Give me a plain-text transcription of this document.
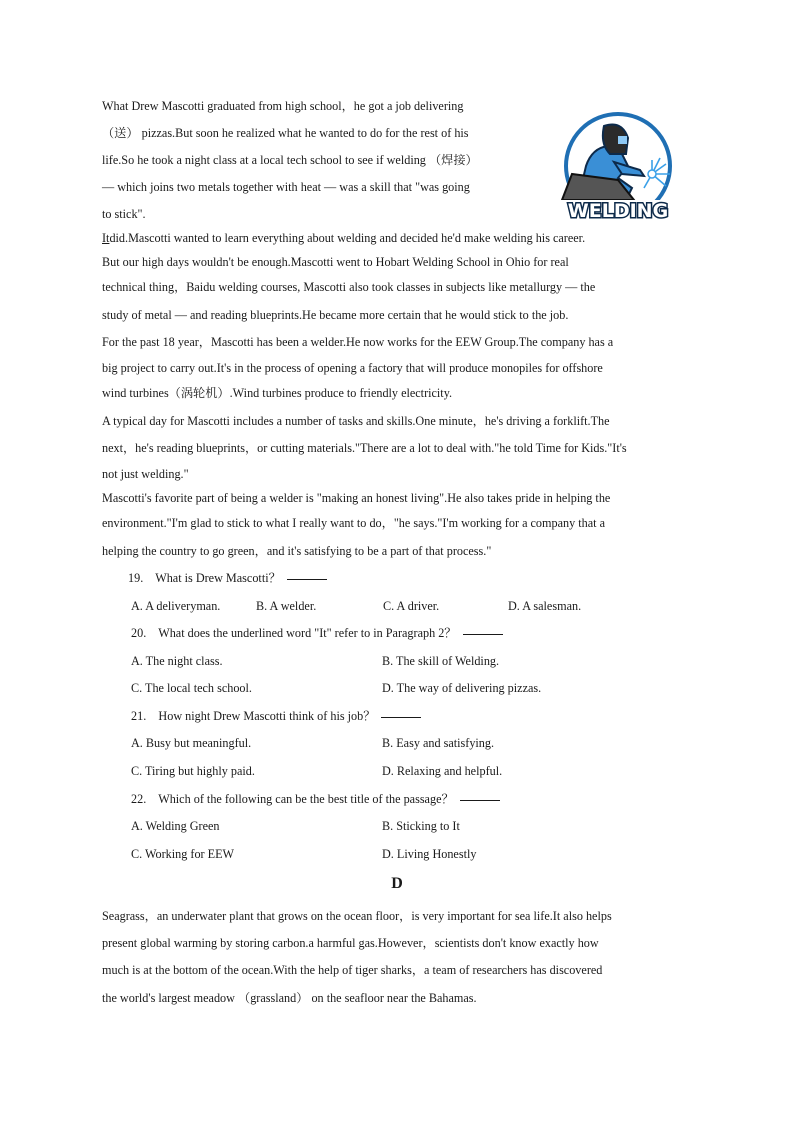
What Drew Mascotti graduated from high school，he got a job delivering
（送） pizzas.But soon he realized what he wanted to do for the rest of his
life.So he took a night class at a local tech school to see if welding （焊接）
— which joins two metals together with heat — was a skill that "was going
to stick".	WELDING
Itdid.Mascotti wanted to learn everything about welding and decided he'd make welding his career.
But our high days wouldn't be enough.Mascotti went to Hobart Welding School in Ohio for real
technical thing，Baidu welding courses, Mascotti also took classes in subjects like metallurgy — the
study of metal — and reading blueprints.He became more certain that he would stick to the job.
For the past 18 year，Mascotti has been a welder.He now works for the EEW Group.The company has a
big project to carry out.It's in the process of opening a factory that will produce monopiles for offshore
wind turbines（涡轮机）.Wind turbines produce to friendly electricity.
A typical day for Mascotti includes a number of tasks and skills.One minute，he's driving a forklift.The
next，he's reading blueprints，or cutting materials."There are a lot to deal with."he told Time for Kids."It's
not just welding."
Mascotti's favorite part of being a welder is "making an honest living".He also takes pride in helping the
environment."I'm glad to stick to what I really want to do，"he says."I'm working for a company that a
helping the country to go green，and it's satisfying to be a part of that process."
19. What is Drew Mascotti？
A. A deliveryman.	B. A welder.	C. A driver.	D. A salesman.
20. What does the underlined word "It" refer to in Paragraph 2？
A. The night class.	B. The skill of Welding.
C. The local tech school.	D. The way of delivering pizzas.
21. How night Drew Mascotti think of his job？
A. Busy but meaningful.	B. Easy and satisfying.
C. Tiring but highly paid.	D. Relaxing and helpful.
22. Which of the following can be the best title of the passage？
A. Welding Green	B. Sticking to It
C. Working for EEW	D. Living Honestly
D
Seagrass，an underwater plant that grows on the ocean floor，is very important for sea life.It also helps
present global warming by storing carbon.a harmful gas.However，scientists don't know exactly how
much is at the bottom of the ocean.With the help of tiger sharks，a team of researchers has discovered
the world's largest meadow （grassland） on the seafloor near the Bahamas.
